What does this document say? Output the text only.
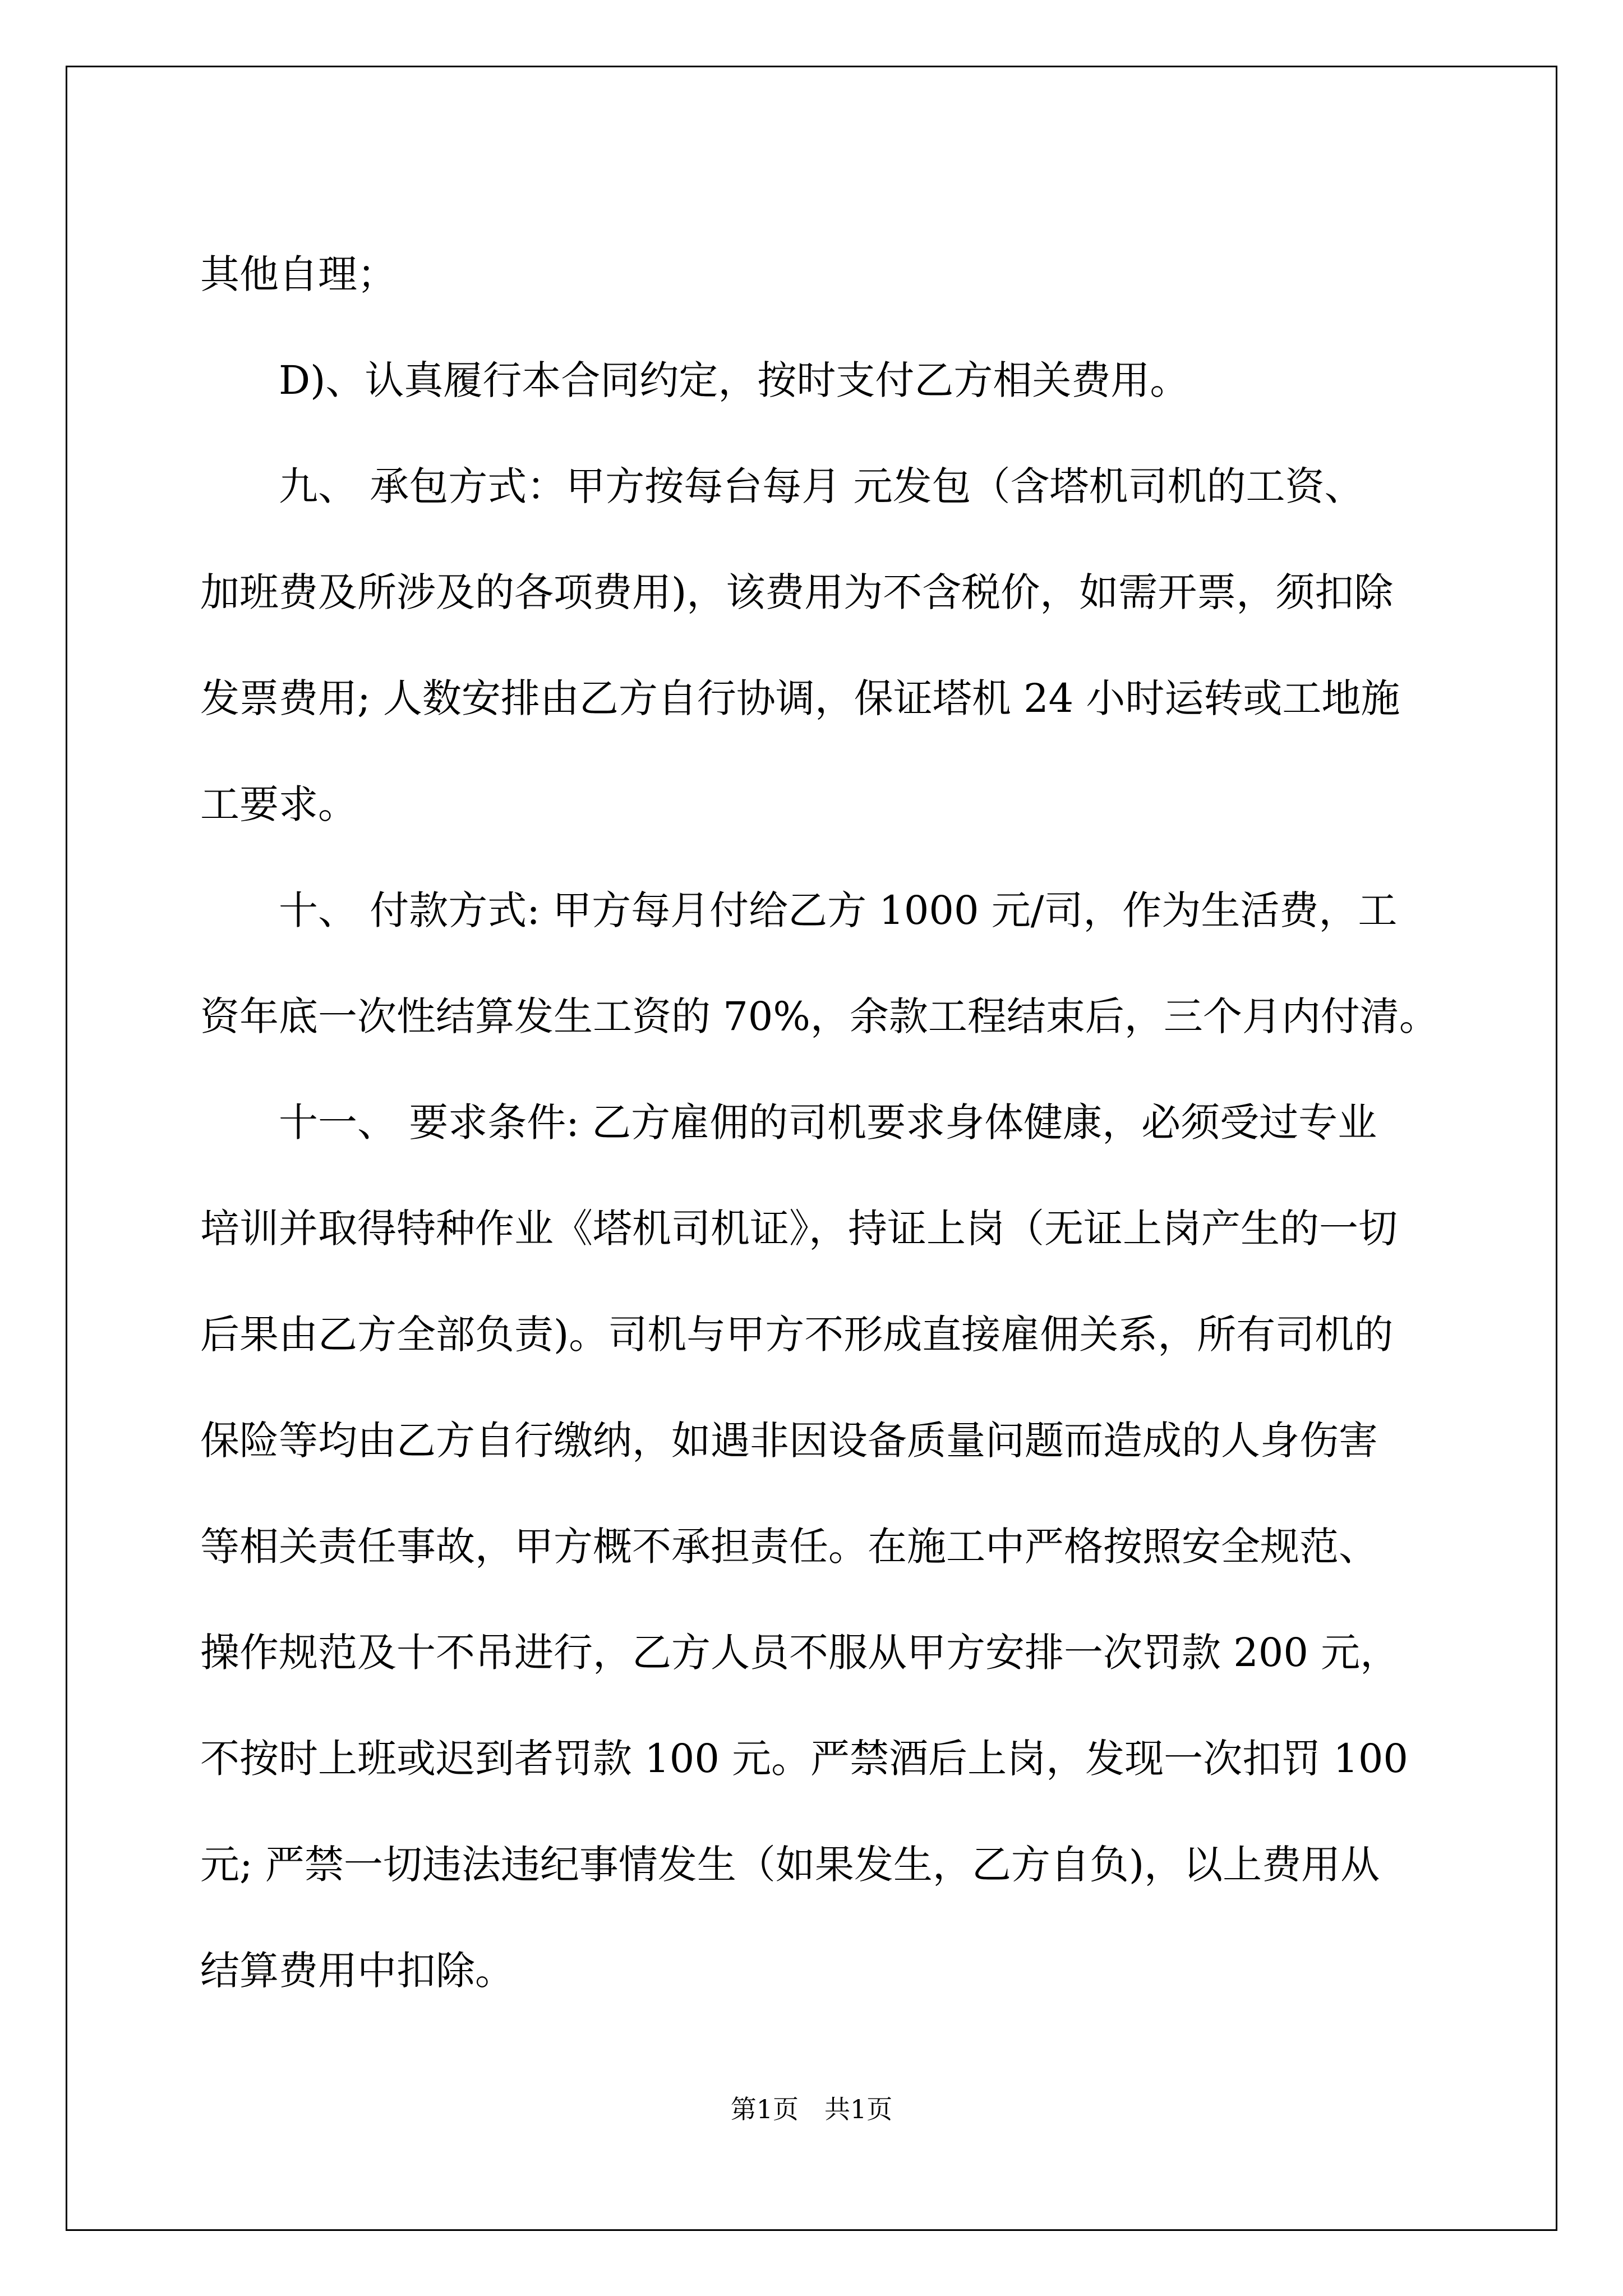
其他自理；
　　D)、认真履行本合同约定，按时支付乙方相关费用。
　　九、 承包方式：甲方按每台每月 元发包（含塔机司机的工资、
加班费及所涉及的各项费用)，该费用为不含税价，如需开票，须扣除
发票费用; 人数安排由乙方自行协调，保证塔机 24 小时运转或工地施
工要求。
　　十、 付款方式: 甲方每月付给乙方 1000 元/司，作为生活费，工
资年底一次性结算发生工资的 70%，余款工程结束后，三个月内付清。
　　十一、 要求条件: 乙方雇佣的司机要求身体健康，必须受过专业
培训并取得特种作业《塔机司机证》，持证上岗（无证上岗产生的一切
后果由乙方全部负责)。司机与甲方不形成直接雇佣关系，所有司机的
保险等均由乙方自行缴纳，如遇非因设备质量问题而造成的人身伤害
等相关责任事故，甲方概不承担责任。在施工中严格按照安全规范、
操作规范及十不吊进行，乙方人员不服从甲方安排一次罚款 200 元，
不按时上班或迟到者罚款 100 元。严禁酒后上岗，发现一次扣罚 100
元; 严禁一切违法违纪事情发生（如果发生，乙方自负)，以上费用从
结算费用中扣除。
第1页　共1页
